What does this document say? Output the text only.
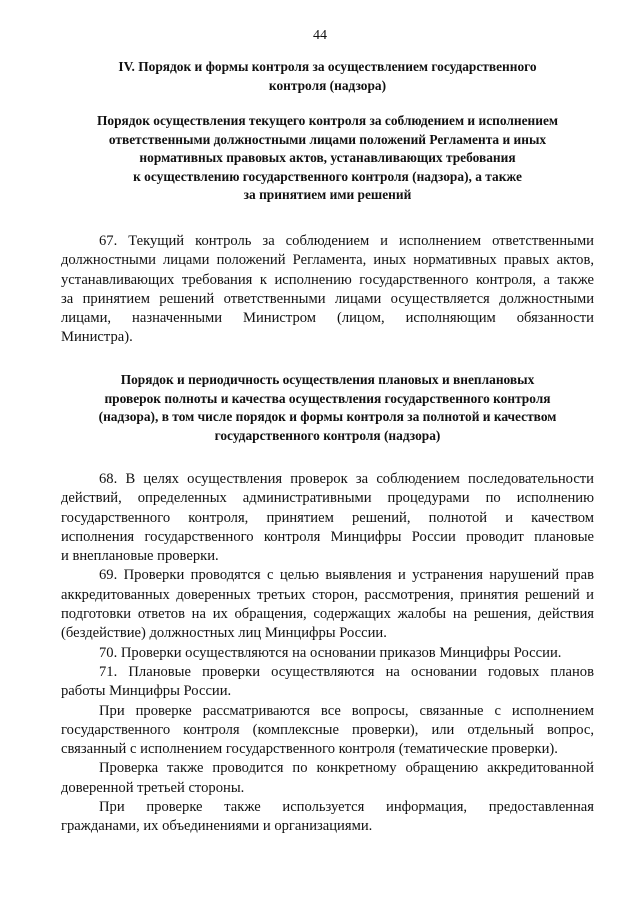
44
IV. Порядок и формы контроля за осуществлением государственного
контроля (надзора)
Порядок осуществления текущего контроля за соблюдением и исполнением
ответственными должностными лицами положений Регламента и иных
нормативных правовых актов, устанавливающих требования
к осуществлению государственного контроля (надзора), а также
за принятием ими решений
67. Текущий контроль за соблюдением и исполнением ответственными
должностными лицами положений Регламента, иных нормативных правых актов,
устанавливающих требования к исполнению государственного контроля, а также
за принятием решений ответственными лицами осуществляется должностными
лицами, назначенными Министром (лицом, исполняющим обязанности
Министра).
Порядок и периодичность осуществления плановых и внеплановых
проверок полноты и качества осуществления государственного контроля
(надзора), в том числе порядок и формы контроля за полнотой и качеством
государственного контроля (надзора)
68. В целях осуществления проверок за соблюдением последовательности
действий, определенных административными процедурами по исполнению
государственного контроля, принятием решений, полнотой и качеством
исполнения государственного контроля Минцифры России проводит плановые
и внеплановые проверки.
69. Проверки проводятся с целью выявления и устранения нарушений прав
аккредитованных доверенных третьих сторон, рассмотрения, принятия решений и
подготовки ответов на их обращения, содержащих жалобы на решения, действия
(бездействие) должностных лиц Минцифры России.
70. Проверки осуществляются на основании приказов Минцифры России.
71. Плановые проверки осуществляются на основании годовых планов
работы Минцифры России.
При проверке рассматриваются все вопросы, связанные с исполнением
государственного контроля (комплексные проверки), или отдельный вопрос,
связанный с исполнением государственного контроля (тематические проверки).
Проверка также проводится по конкретному обращению аккредитованной
доверенной третьей стороны.
При проверке также используется информация, предоставленная
гражданами, их объединениями и организациями.
